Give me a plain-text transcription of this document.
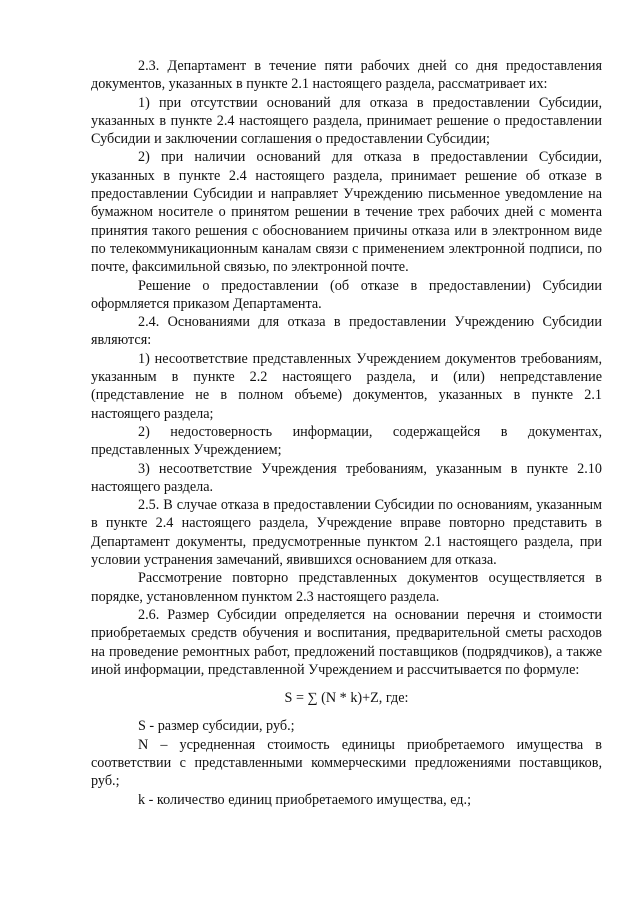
2.3. Департамент в течение пяти рабочих дней со дня предоставления документов, указанных в пункте 2.1 настоящего раздела, рассматривает их:

1) при отсутствии оснований для отказа в предоставлении Субсидии, указанных в пункте 2.4 настоящего раздела, принимает решение о предоставлении Субсидии и заключении соглашения о предоставлении Субсидии;

2) при наличии оснований для отказа в предоставлении Субсидии, указанных в пункте 2.4 настоящего раздела, принимает решение об отказе в предоставлении Субсидии и направляет Учреждению письменное уведомление на бумажном носителе о принятом решении в течение трех рабочих дней с момента принятия такого решения с обоснованием причины отказа или в электронном виде по телекоммуникационным каналам связи с применением электронной подписи, по почте, факсимильной связью, по электронной почте.

Решение о предоставлении (об отказе в предоставлении) Субсидии оформляется приказом Департамента.

2.4. Основаниями для отказа в предоставлении Учреждению Субсидии являются:

1) несоответствие представленных Учреждением документов требованиям, указанным в пункте 2.2 настоящего раздела, и (или) непредставление (представление не в полном объеме) документов, указанных в пункте 2.1 настоящего раздела;

2) недостоверность информации, содержащейся в документах, представленных Учреждением;

3) несоответствие Учреждения требованиям, указанным в пункте 2.10 настоящего раздела.

2.5. В случае отказа в предоставлении Субсидии по основаниям, указанным в пункте 2.4 настоящего раздела, Учреждение вправе повторно представить в Департамент документы, предусмотренные пунктом 2.1 настоящего раздела, при условии устранения замечаний, явившихся основанием для отказа.

Рассмотрение повторно представленных документов осуществляется в порядке, установленном пунктом 2.3 настоящего раздела.

2.6. Размер Субсидии определяется на основании перечня и стоимости приобретаемых средств обучения и воспитания, предварительной сметы расходов на проведение ремонтных работ, предложений поставщиков (подрядчиков), а также иной информации, представленной Учреждением и рассчитывается по формуле:

S = ∑ (N * k)+Z, где:

S - размер субсидии, руб.;

N – усредненная стоимость единицы приобретаемого имущества в соответствии с представленными коммерческими предложениями поставщиков, руб.;

k - количество единиц приобретаемого имущества, ед.;
